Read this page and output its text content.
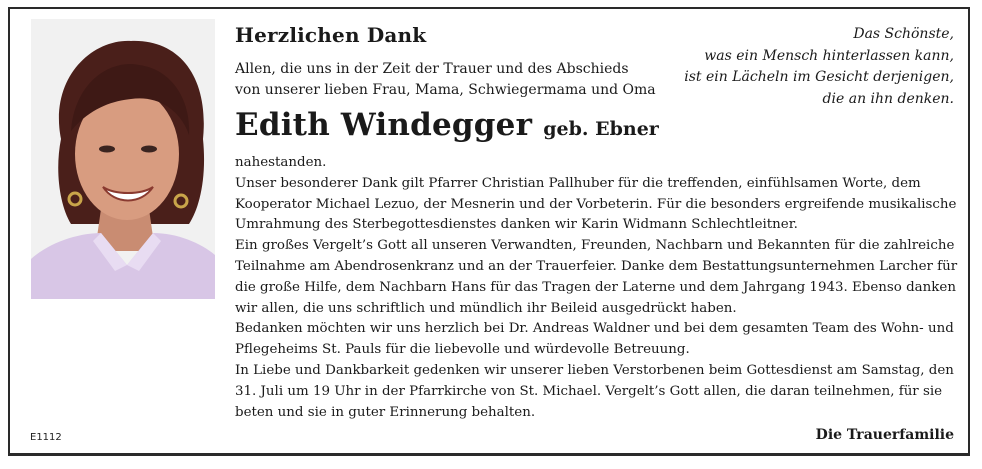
Herzlichen Dank
Allen, die uns in der Zeit der Trauer und des Abschieds
von unserer lieben Frau, Mama, Schwiegermama und Oma
Edith Windegger geb. Ebner
Das Schönste,
was ein Mensch hinterlassen kann,
ist ein Lächeln im Gesicht derjenigen,
die an ihn denken.

nahestanden.

Unser besonderer Dank gilt Pfarrer Christian Pallhuber für die treffenden, einfühlsamen Worte, dem Kooperator Michael Lezuo, der Mesnerin und der Vorbeterin. Für die besonders ergreifende musikalische Umrahmung des Sterbegottesdienstes danken wir Karin Widmann Schlechtleitner.

Ein großes Vergelt’s Gott all unseren Verwandten, Freunden, Nachbarn und Bekannten für die zahlreiche Teilnahme am Abendrosenkranz und an der Trauerfeier. Danke dem Bestattungsunternehmen Larcher für die große Hilfe, dem Nachbarn Hans für das Tragen der Laterne und dem Jahrgang 1943. Ebenso danken wir allen, die uns schriftlich und mündlich ihr Beileid ausgedrückt haben.

Bedanken möchten wir uns herzlich bei Dr. Andreas Waldner und bei dem gesamten Team des Wohn- und Pflegeheims St. Pauls für die liebevolle und würdevolle Betreuung.

In Liebe und Dankbarkeit gedenken wir unserer lieben Verstorbenen beim Gottesdienst am Samstag, den 31. Juli um 19 Uhr in der Pfarrkirche von St. Michael. Vergelt’s Gott allen, die daran teilnehmen, für sie beten und sie in guter Erinnerung behalten.

E1112	Die Trauerfamilie
